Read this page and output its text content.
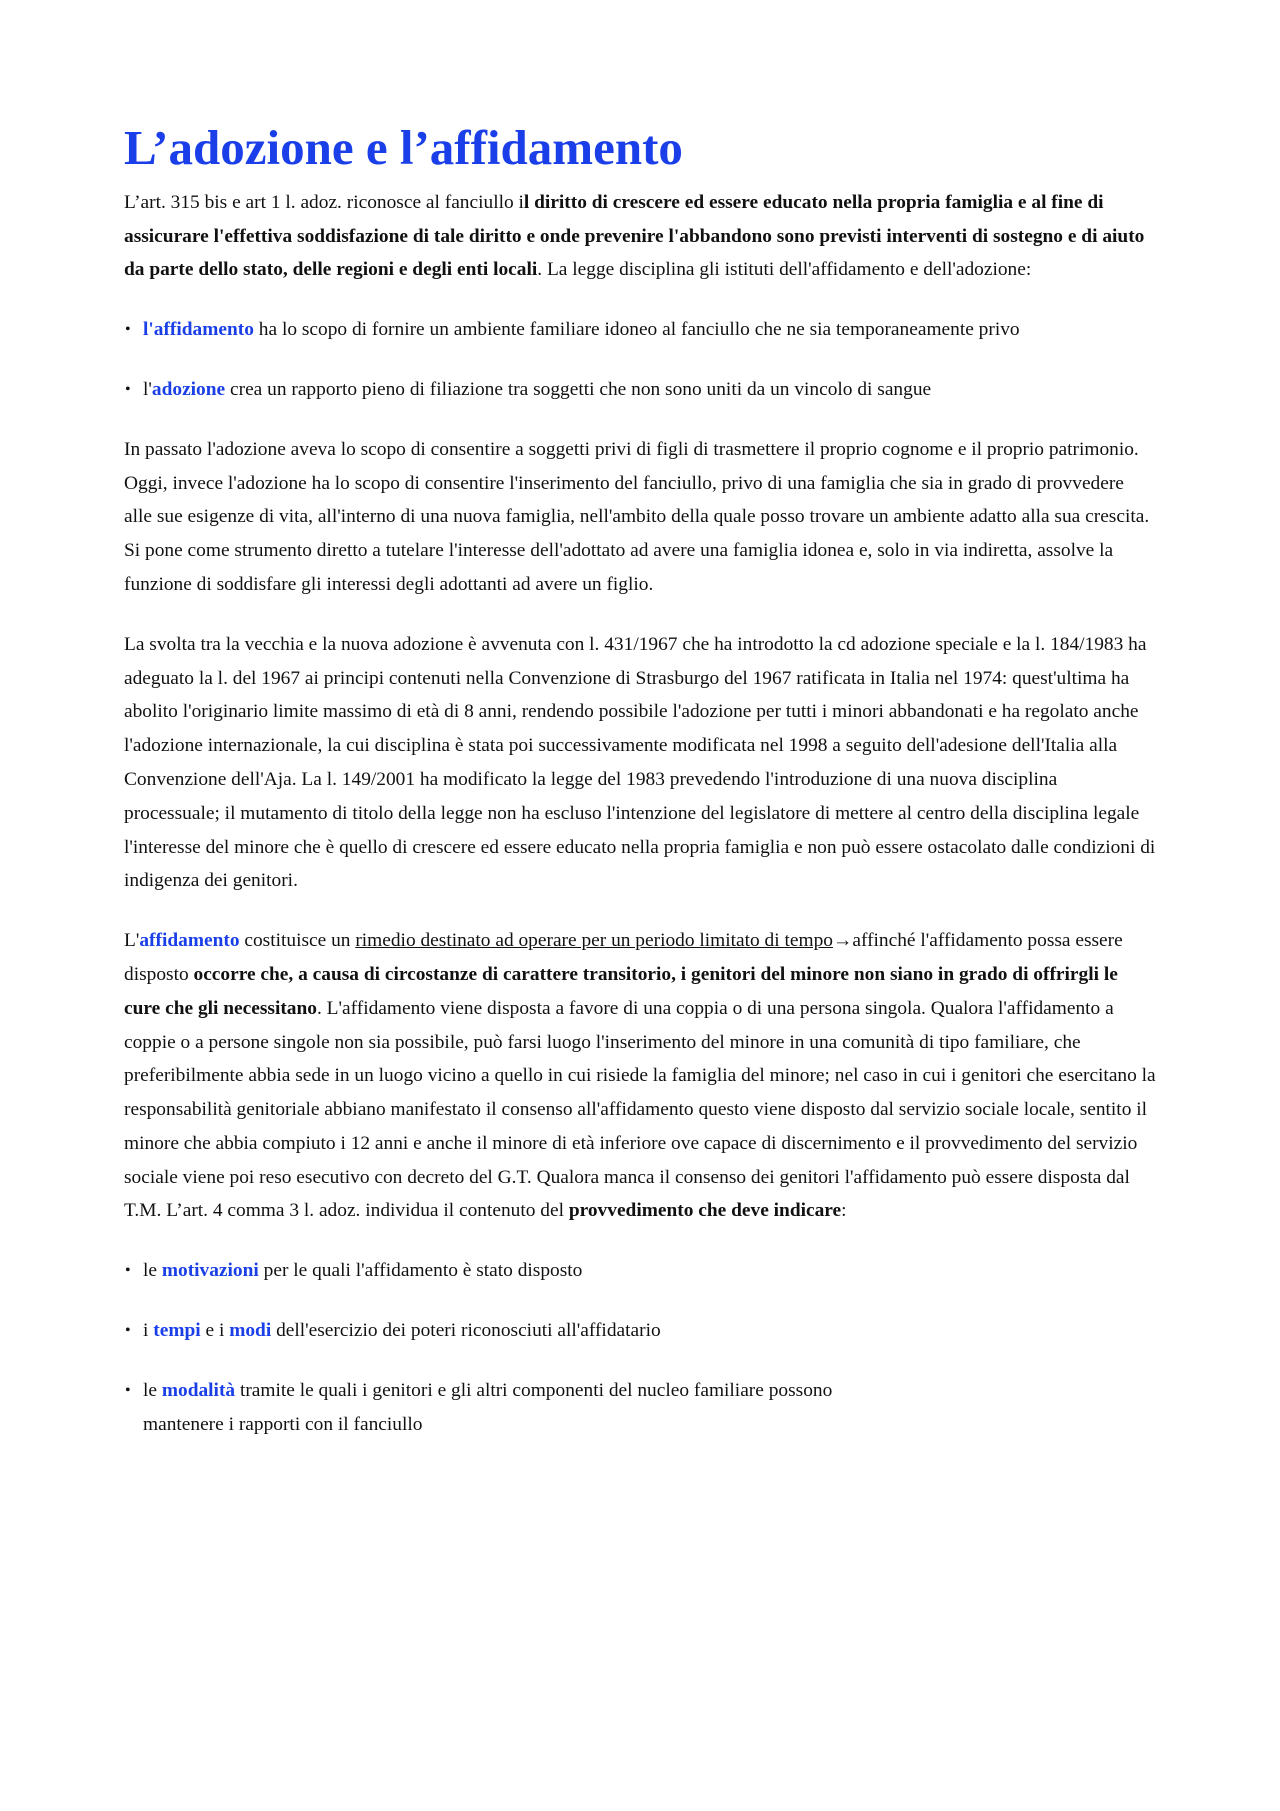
L’adozione e l’affidamento

L’art. 315 bis e art 1 l. adoz. riconosce al fanciullo il diritto di crescere ed essere educato nella propria famiglia e al fine di assicurare l'effettiva soddisfazione di tale diritto e onde prevenire l'abbandono sono previsti interventi di sostegno e di aiuto da parte dello stato, delle regioni e degli enti locali. La legge disciplina gli istituti dell'affidamento e dell'adozione:

• l'affidamento ha lo scopo di fornire un ambiente familiare idoneo al fanciullo che ne sia temporaneamente privo
• l'adozione crea un rapporto pieno di filiazione tra soggetti che non sono uniti da un vincolo di sangue

In passato l'adozione aveva lo scopo di consentire a soggetti privi di figli di trasmettere il proprio cognome e il proprio patrimonio. Oggi, invece l'adozione ha lo scopo di consentire l'inserimento del fanciullo, privo di una famiglia che sia in grado di provvedere alle sue esigenze di vita, all'interno di una nuova famiglia, nell'ambito della quale posso trovare un ambiente adatto alla sua crescita. Si pone come strumento diretto a tutelare l'interesse dell'adottato ad avere una famiglia idonea e, solo in via indiretta, assolve la funzione di soddisfare gli interessi degli adottanti ad avere un figlio.

La svolta tra la vecchia e la nuova adozione è avvenuta con l. 431/1967 che ha introdotto la cd adozione speciale e la l. 184/1983 ha adeguato la l. del 1967 ai principi contenuti nella Convenzione di Strasburgo del 1967 ratificata in Italia nel 1974: quest'ultima ha abolito l'originario limite massimo di età di 8 anni, rendendo possibile l'adozione per tutti i minori abbandonati e ha regolato anche l'adozione internazionale, la cui disciplina è stata poi successivamente modificata nel 1998 a seguito dell'adesione dell'Italia alla Convenzione dell'Aja. La l. 149/2001 ha modificato la legge del 1983 prevedendo l'introduzione di una nuova disciplina processuale; il mutamento di titolo della legge non ha escluso l'intenzione del legislatore di mettere al centro della disciplina legale l'interesse del minore che è quello di crescere ed essere educato nella propria famiglia e non può essere ostacolato dalle condizioni di indigenza dei genitori.

L'affidamento costituisce un rimedio destinato ad operare per un periodo limitato di tempo→affinché l'affidamento possa essere disposto occorre che, a causa di circostanze di carattere transitorio, i genitori del minore non siano in grado di offrirgli le cure che gli necessitano. L'affidamento viene disposta a favore di una coppia o di una persona singola. Qualora l'affidamento a coppie o a persone singole non sia possibile, può farsi luogo l'inserimento del minore in una comunità di tipo familiare, che preferibilmente abbia sede in un luogo vicino a quello in cui risiede la famiglia del minore; nel caso in cui i genitori che esercitano la responsabilità genitoriale abbiano manifestato il consenso all'affidamento questo viene disposto dal servizio sociale locale, sentito il minore che abbia compiuto i 12 anni e anche il minore di età inferiore ove capace di discernimento e il provvedimento del servizio sociale viene poi reso esecutivo con decreto del G.T. Qualora manca il consenso dei genitori l'affidamento può essere disposta dal T.M. L’art. 4 comma 3 l. adoz. individua il contenuto del provvedimento che deve indicare:

• le motivazioni per le quali l'affidamento è stato disposto
• i tempi e i modi dell'esercizio dei poteri riconosciuti all'affidatario
• le modalità tramite le quali i genitori e gli altri componenti del nucleo familiare possono
mantenere i rapporti con il fanciullo
